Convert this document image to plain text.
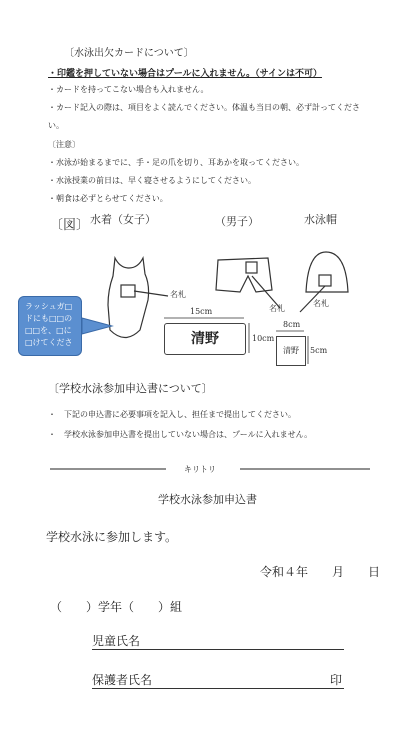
〔水泳出欠カードについて〕
・印鑑を押していない場合はプールに入れません。（サインは不可）
・カードを持ってこない場合も入れません。
・カード記入の際は、項目をよく読んでください。体温も当日の朝、必ず計ってくださ
い。
〔注意〕
・水泳が始まるまでに、手・足の爪を切り、耳あかを取ってください。
・水泳授業の前日は、早く寝させるようにしてください。
・朝食は必ずとらせてください。
〔図〕 水着（女子）	（男子）	水泳帽
名札
15cm
清野	10cm
名札
名札
8cm
清野	5cm
ラッシュガ□ドにも□□の□□を、□に□けてくださ
〔学校水泳参加申込書について〕
・　下記の申込書に必要事項を記入し、担任まで提出してください。
・　学校水泳参加申込書を提出していない場合は、プールに入れません。
キリトリ
学校水泳参加申込書
学校水泳に参加します。
令和４年　　月　　日
（　　）学年（　　）組
児童氏名
保護者氏名	印
